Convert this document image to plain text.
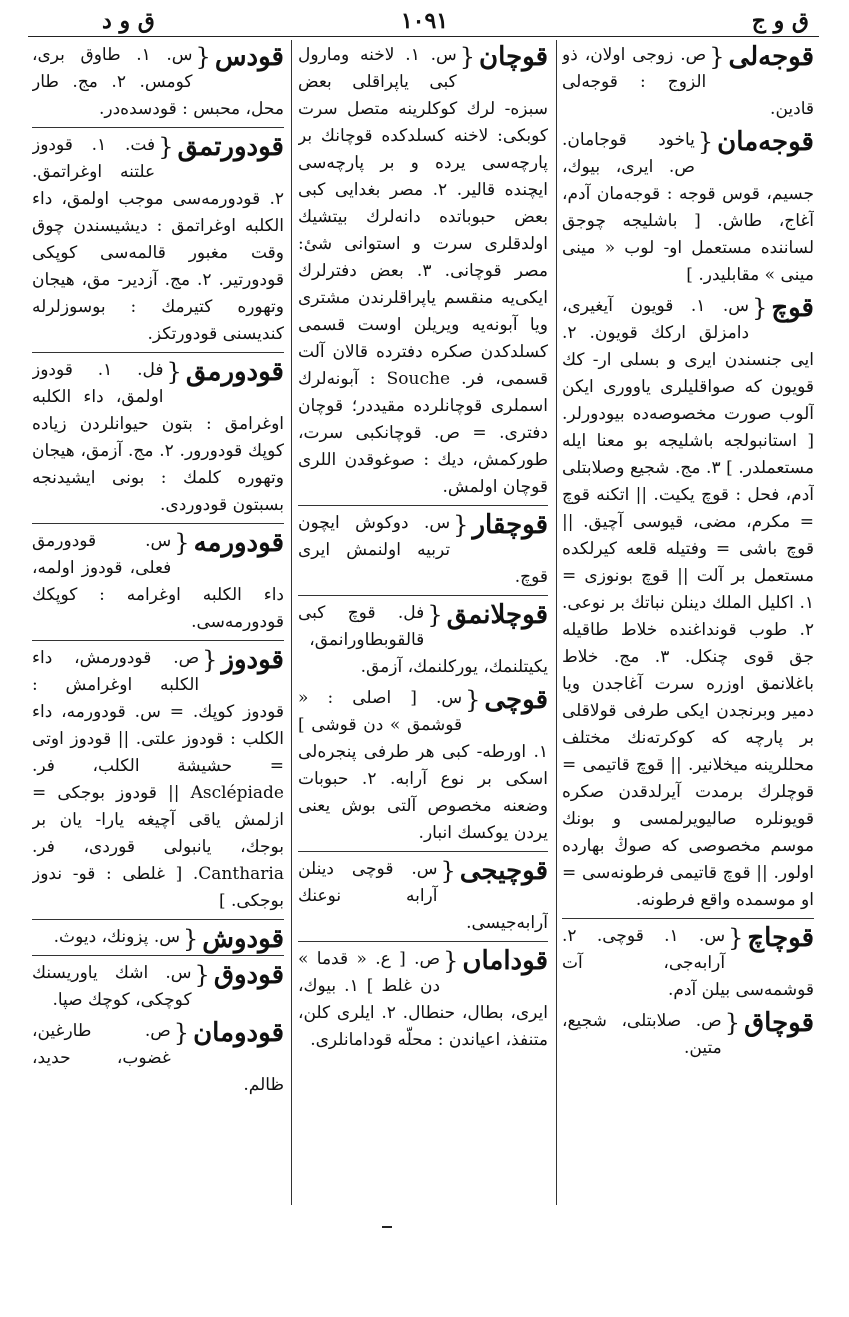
ق و ج
۱۰۹۱
ق و د
قوجه‌لی
{
ص. زوجی اولان، ذو الزوج : قوجه‌لی قادین.
قوجه‌مان
{
یاخود قوجامان. ص. ایری، بیوك، جسیم، قوس قوجه : قوجه‌مان آدم، آغاج، طاش. [ باشلیجه چوجق لساننده مستعمل او- لوب « مینی مینی » مقابلیدر. ]
قوچ
{
س. ۱. قویون آیغیری، دامزلق اركك قویون. ۲. ایی جنسندن ایری و بسلی ار- كك قویون كه صواقلیلری یاووری ایكن آلوب صورت مخصوصه‌ده بیودورلر. [ استانبولجه باشلیجه بو معنا ایله مستعملدر. ] ۳. مج. شجیع وصلابتلی آدم، فحل : قوچ یكیت. || اتكنه قوچ = مكرم، مضی، قیوسی آچیق. || قوچ باشی = وفتیله قلعه كیرلكده مستعمل بر آلت || قوچ بونوزی = ۱. اكلیل الملك دینلن نباتك بر نوعی. ۲. طوب قونداغنده خلاط طاقیله جق قوی چنكل. ۳. مج. خلاط باغلانمق اوزره سرت آغاجدن ویا دمیر وبرنجدن ایكی طرفی قولاقلی بر پارچه كه كوكرته‌نك مختلف محللرینه میخلانیر. || قوچ قاتیمی = قوچلرك برمدت آیرلدقدن صكره قویونلره صالیویرلمسی و بونك موسم مخصوصی كه صوڭ بهارده اولور. || قوچ قاتیمی فرطونه‌سی = او موسمده واقع فرطونه.
قوچاچ
{
س. ۱. قوچی. ۲. آرابه‌جی، آت قوشمه‌سی بیلن آدم.
قوچاق
{
ص. صلابتلی، شجیع، متین.
قوچان
{
س. ۱. لاخنه ومارول كبی یاپراقلی بعض سبزه‌- لرك كوكلرینه متصل سرت كوبكی: لاخنه كسلدكده قوچانك بر پارچه‌سی یرده و بر پارچه‌سی ایچنده قالیر. ۲. مصر بغدایی كبی بعض حبوباتده دانه‌لرك بیتشیك اولدقلری سرت و استوانی شیٔ: مصر قوچانی. ۳. بعض دفترلرك ایكی‌یه منقسم یاپراقلرندن مشتری ویا آبونه‌یه ویریلن اوست قسمی كسلدكدن صكره دفترده قالان آلت قسمی، فر. Souche : آبونه‌لرك اسملری قوچانلرده مقیددر؛ قوچان دفتری. = ص. قوچانكبی سرت، طوركمش، دیك : صوغوقدن اللری قوچان اولمش.
قوچقار
{
س. دوكوش ایچون تربیه اولنمش ایری قوچ.
قوچلانمق
{
فل. قوچ كبی قالقوبطاورانمق، یكیتلنمك، یوركلنمك، آزمق.
قوچی
{
س. [ اصلی : « قوشمق » دن قوشی ] ۱. اورطه‌- كبی هر طرفی پنجره‌لی اسكی بر نوع آرابه. ۲. حبوبات وضعنه مخصوص آلتی بوش یعنی یردن یوكسك انبار.
قوچیجی
{
س. قوچی دینلن آرابه نوعنك آرابه‌جیسی.
قوداماں
{
ص. [ ع. « قدما » دن غلط ] ۱. بیوك، ایری، بطال، حنطال. ۲. ایلری كلن، متنفذ، اعیاندن : محلّه قودامانلری.
قودس
{
س. ۱. طاوق بری، كومس. ۲. مج. طار محل، محبس : قودسده‌در.
قودورتمق
{
فت. ۱. قودوز علتنه اوغراتمق. ۲. قودورمه‌سی موجب اولمق، داء الكلبه اوغراتمق : دیشیسندن چوق وقت مغبور قالمه‌سی كوپكی قودورتیر. ۲. مج. آزدیر- مق، هیجان وتهوره كتیرمك : بوسوزلرله كندیسنی قودورتكز.
قودورمق
{
فل. ۱. قودوز اولمق، داء الكلبه اوغرامق : بتون حیوانلردن زیاده كوپك قودورور. ۲. مج. آزمق، هیجان وتهوره كلمك : بونی ایشیدنجه بسبتون قودوردی.
قودورمه
{
س. قودورمق فعلی، قودوز اولمه، داء الكلبه اوغرامه : كوپكك قودورمه‌سی.
قودوز
{
ص. قودورمش، داء الكلبه اوغرامش : قودوز كوپك. = س. قودورمه، داء الكلب : قودوز علتی. || قودوز اوتی = حشیشة الكلب، فر. Asclépiade || قودوز بوجكی = ازلمش یاقی آچیغه یارا- یان بر بوجك، یانبولی قوردی، فر. Cantharia. [ غلطی : قو- ندوز بوجكی. ]
قودوش
{
س. پزونك، دیوث.
قودوق
{
س. اشك یاوریسنك كوچكی، كوچك صپا.
قودومان
{
ص. طارغین، غضوب، حدید، ظالم.
